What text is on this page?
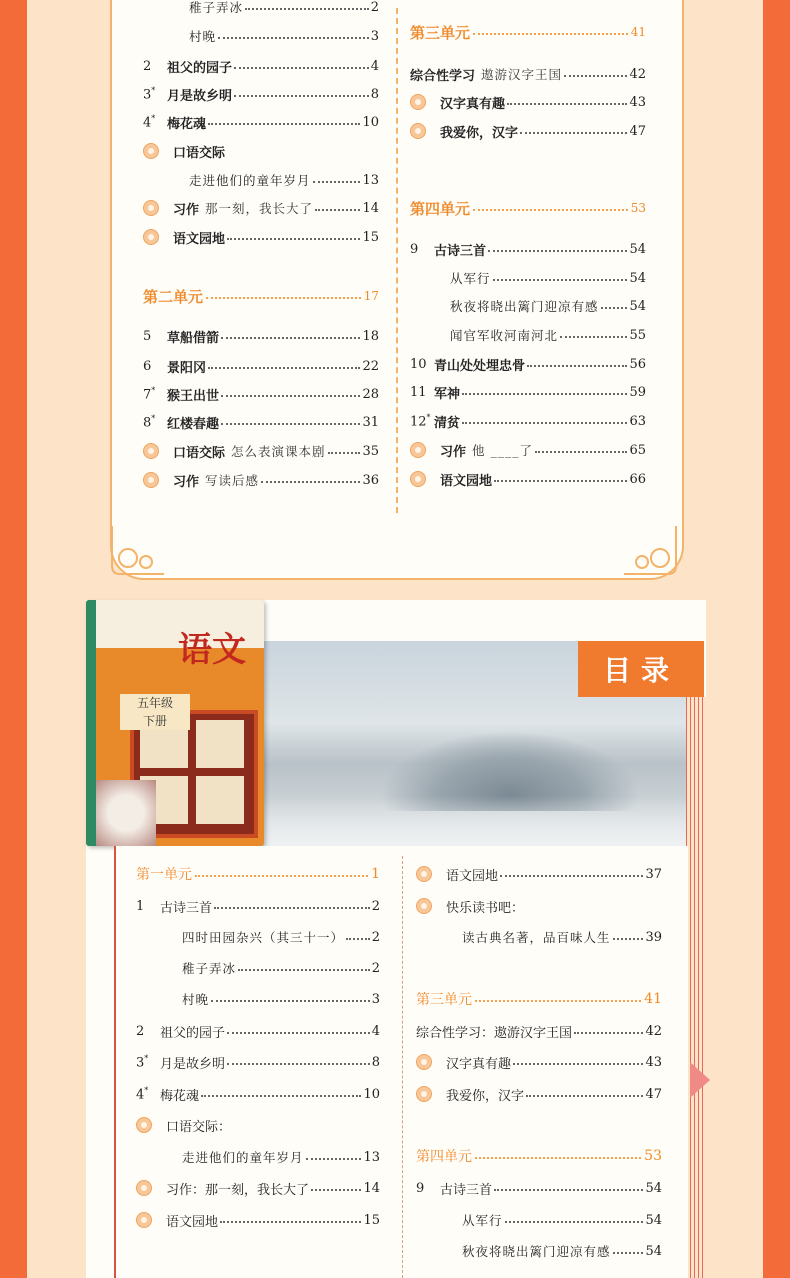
稚子弄冰	2
村晚	3
2	祖父的园子	4
3* 月是故乡明	8
4* 梅花魂	10
口语交际
走进他们的童年岁月	13
习作 那一刻，我长大了	14
语文园地	15
第二单元	17
5	草船借箭	18
6	景阳冈	22
7* 猴王出世	28
8* 红楼春趣	31
口语交际 怎么表演课本剧	35
习作 写读后感	36
第三单元	41
综合性学习 遨游汉字王国	42
汉字真有趣	43
我爱你，汉字	47
第四单元	53
9	古诗三首	54
从军行	54
秋夜将晓出篱门迎凉有感 54
闻官军收河南河北	55
10 青山处处埋忠骨	56
11 军神	59
12* 清贫	63
习作 他 ____了	65
语文园地	66
目录
语文
五年级
下册
第一单元	1
1	古诗三首	2
四时田园杂兴（其三十一） 2
稚子弄冰	2
村晚	3
2	祖父的园子	4
3* 月是故乡明	8
4* 梅花魂	10
口语交际：
走进他们的童年岁月	13
习作：那一刻，我长大了	14
语文园地	15
语文园地	37
快乐读书吧：
读古典名著，品百味人生	39
第三单元	41
综合性学习：遨游汉字王国	42
汉字真有趣	43
我爱你，汉字	47
第四单元	53
9	古诗三首	54
从军行	54
秋夜将晓出篱门迎凉有感	54
